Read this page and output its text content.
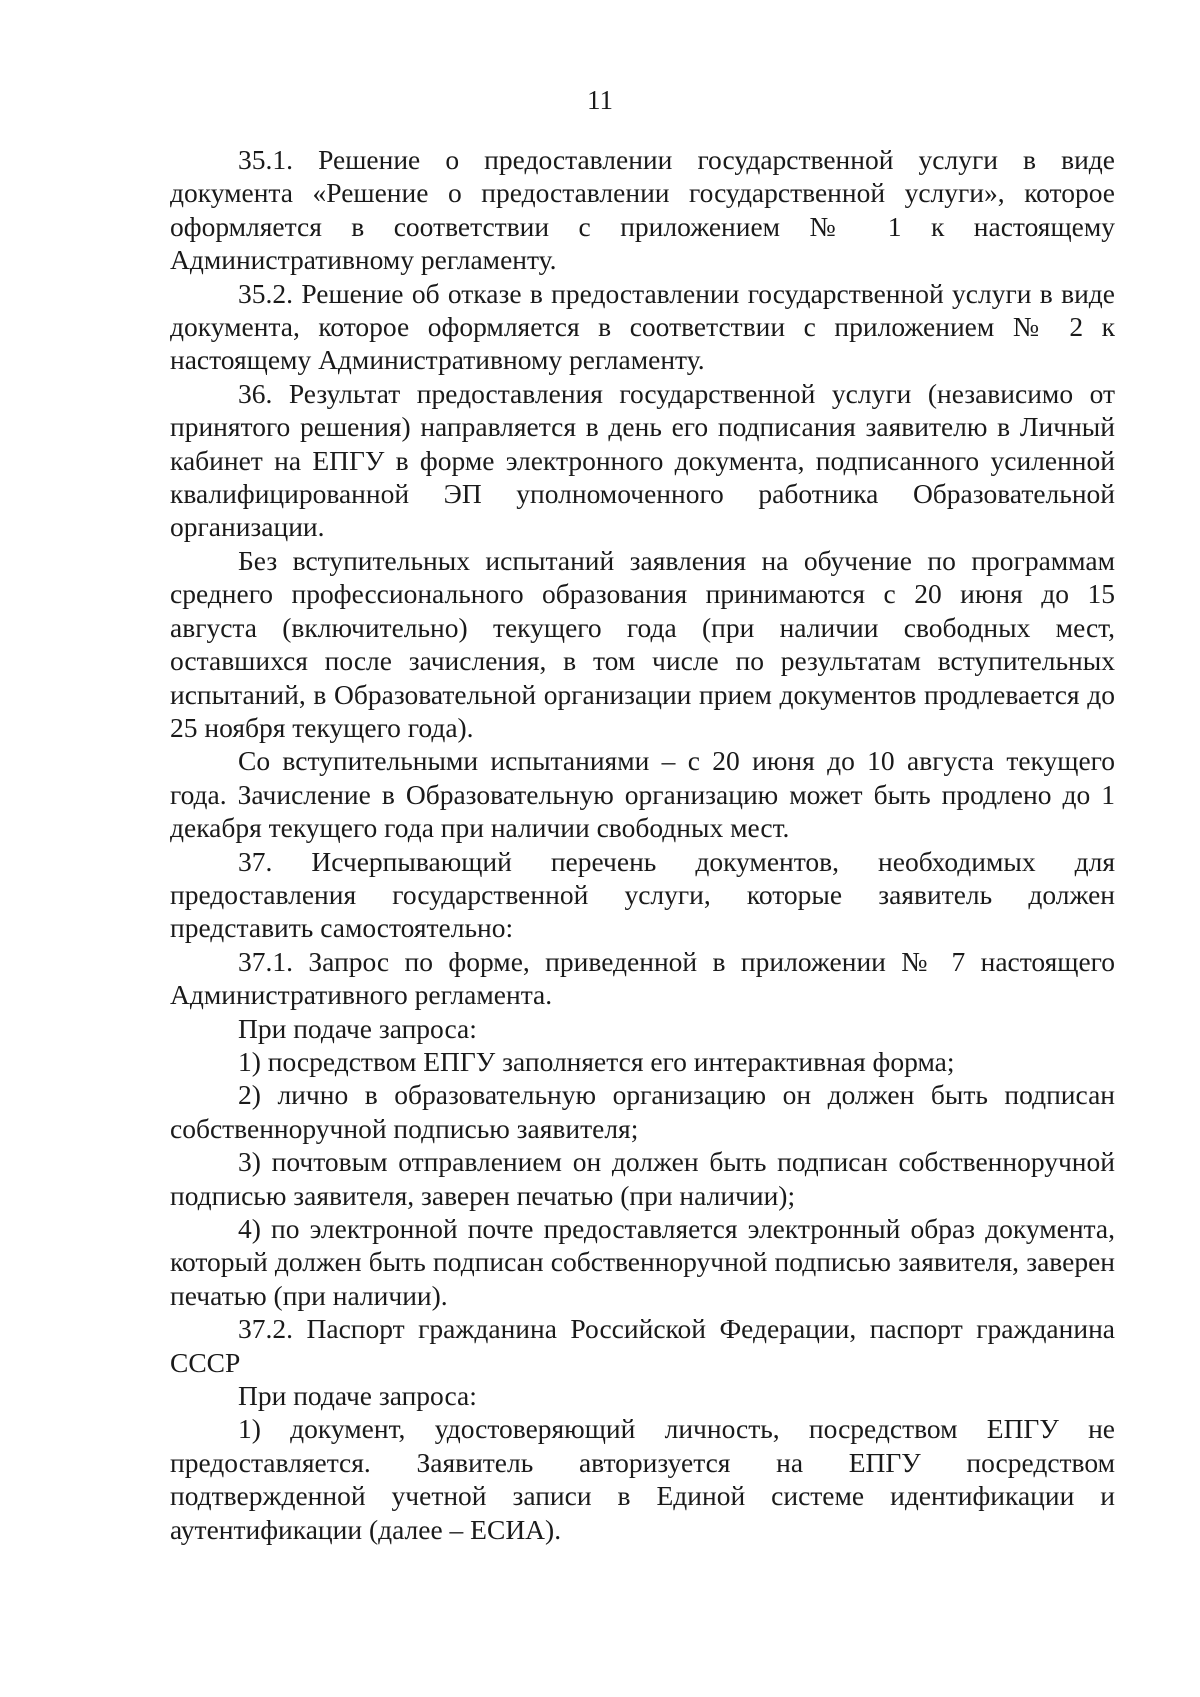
11

35.1. Решение о предоставлении государственной услуги в виде документа «Решение о предоставлении государственной услуги», которое оформляется в соответствии с приложением № 1 к настоящему Административному регламенту.

35.2. Решение об отказе в предоставлении государственной услуги в виде документа, которое оформляется в соответствии с приложением № 2 к настоящему Административному регламенту.

36. Результат предоставления государственной услуги (независимо от принятого решения) направляется в день его подписания заявителю в Личный кабинет на ЕПГУ в форме электронного документа, подписанного усиленной квалифицированной ЭП уполномоченного работника Образовательной организации.

Без вступительных испытаний заявления на обучение по программам среднего профессионального образования принимаются с 20 июня до 15 августа (включительно) текущего года (при наличии свободных мест, оставшихся после зачисления, в том числе по результатам вступительных испытаний, в Образовательной организации прием документов продлевается до 25 ноября текущего года).

Со вступительными испытаниями – с 20 июня до 10 августа текущего года. Зачисление в Образовательную организацию может быть продлено до 1 декабря текущего года при наличии свободных мест.

37. Исчерпывающий перечень документов, необходимых для предоставления государственной услуги, которые заявитель должен представить самостоятельно:

37.1. Запрос по форме, приведенной в приложении № 7 настоящего Административного регламента.

При подаче запроса:

1) посредством ЕПГУ заполняется его интерактивная форма;

2) лично в образовательную организацию он должен быть подписан собственноручной подписью заявителя;

3) почтовым отправлением он должен быть подписан собственноручной подписью заявителя, заверен печатью (при наличии);

4) по электронной почте предоставляется электронный образ документа, который должен быть подписан собственноручной подписью заявителя, заверен печатью (при наличии).

37.2. Паспорт гражданина Российской Федерации, паспорт гражданина СССР

При подаче запроса:

1) документ, удостоверяющий личность, посредством ЕПГУ не предоставляется. Заявитель авторизуется на ЕПГУ посредством подтвержденной учетной записи в Единой системе идентификации и аутентификации (далее – ЕСИА).
